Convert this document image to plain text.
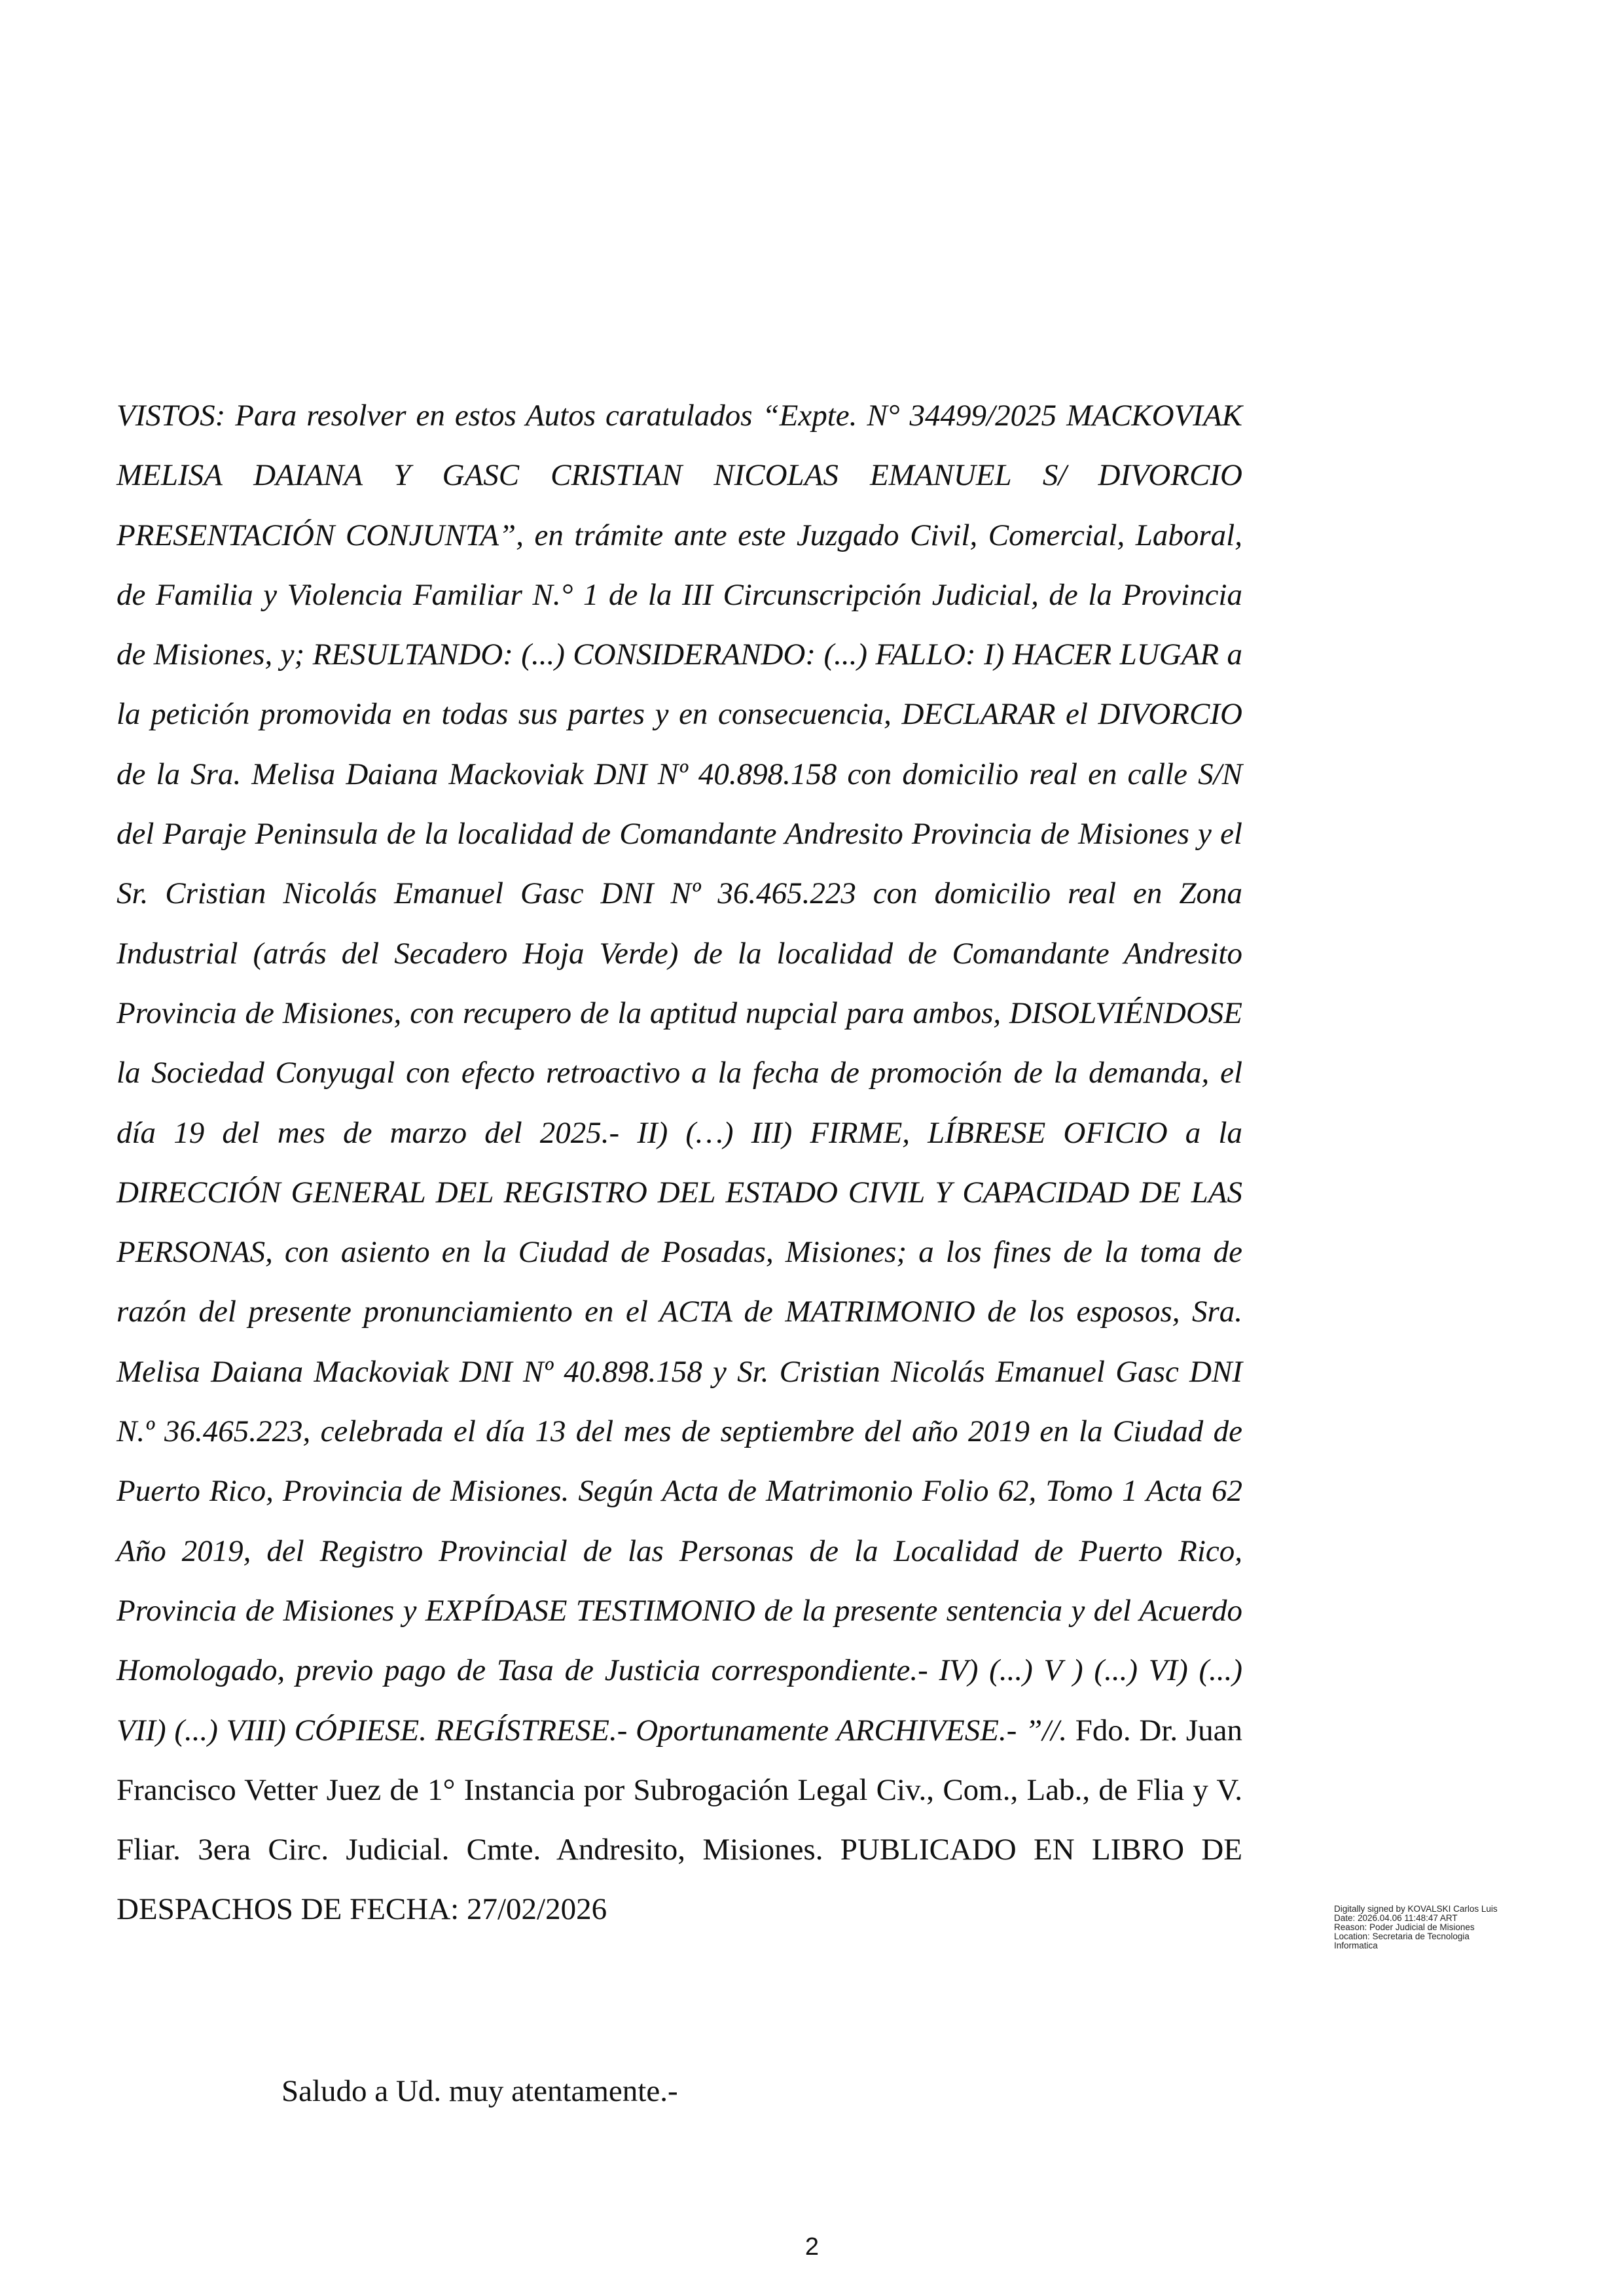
VISTOS: Para resolver en estos Autos caratulados “Expte. N° 34499/2025 MACKOVIAK MELISA DAIANA Y GASC CRISTIAN NICOLAS EMANUEL S/ DIVORCIO PRESENTACIÓN CONJUNTA”, en trámite ante este Juzgado Civil, Comercial, Laboral, de Familia y Violencia Familiar N.° 1 de la III Circunscripción Judicial, de la Provincia de Misiones, y; RESULTANDO: (...) CONSIDERANDO: (...) FALLO: I) HACER LUGAR a la petición promovida en todas sus partes y en consecuencia, DECLARAR el DIVORCIO de la Sra. Melisa Daiana Mackoviak DNI Nº 40.898.158 con domicilio real en calle S/N del Paraje Peninsula de la localidad de Comandante Andresito Provincia de Misiones y el Sr. Cristian Nicolás Emanuel Gasc DNI Nº 36.465.223 con domicilio real en Zona Industrial (atrás del Secadero Hoja Verde) de la localidad de Comandante Andresito Provincia de Misiones, con recupero de la aptitud nupcial para ambos, DISOLVIÉNDOSE la Sociedad Conyugal con efecto retroactivo a la fecha de promoción de la demanda, el día 19 del mes de marzo del 2025.- II) (…) III) FIRME, LÍBRESE OFICIO a la DIRECCIÓN GENERAL DEL REGISTRO DEL ESTADO CIVIL Y CAPACIDAD DE LAS PERSONAS, con asiento en la Ciudad de Posadas, Misiones; a los fines de la toma de razón del presente pronunciamiento en el ACTA de MATRIMONIO de los esposos, Sra. Melisa Daiana Mackoviak DNI Nº 40.898.158 y Sr. Cristian Nicolás Emanuel Gasc DNI N.º 36.465.223, celebrada el día 13 del mes de septiembre del año 2019 en la Ciudad de Puerto Rico, Provincia de Misiones. Según Acta de Matrimonio Folio 62, Tomo 1 Acta 62 Año 2019, del Registro Provincial de las Personas de la Localidad de Puerto Rico, Provincia de Misiones y EXPÍDASE TESTIMONIO de la presente sentencia y del Acuerdo Homologado, previo pago de Tasa de Justicia correspondiente.- IV) (...) V ) (...) VI) (...) VII) (...) VIII) CÓPIESE. REGÍSTRESE.- Oportunamente ARCHIVESE.- ”//. Fdo. Dr. Juan Francisco Vetter Juez de 1° Instancia por Subrogación Legal Civ., Com., Lab., de Flia y V. Fliar. 3era Circ. Judicial. Cmte. Andresito, Misiones. PUBLICADO EN LIBRO DE DESPACHOS DE FECHA: 27/02/2026	Digitally signed by KOVALSKI Carlos Luis
Date: 2026.04.06 11:48:47 ART
Reason: Poder Judicial de Misiones
Location: Secretaria de Tecnologia
Informatica

Saludo a Ud. muy atentamente.-

2
